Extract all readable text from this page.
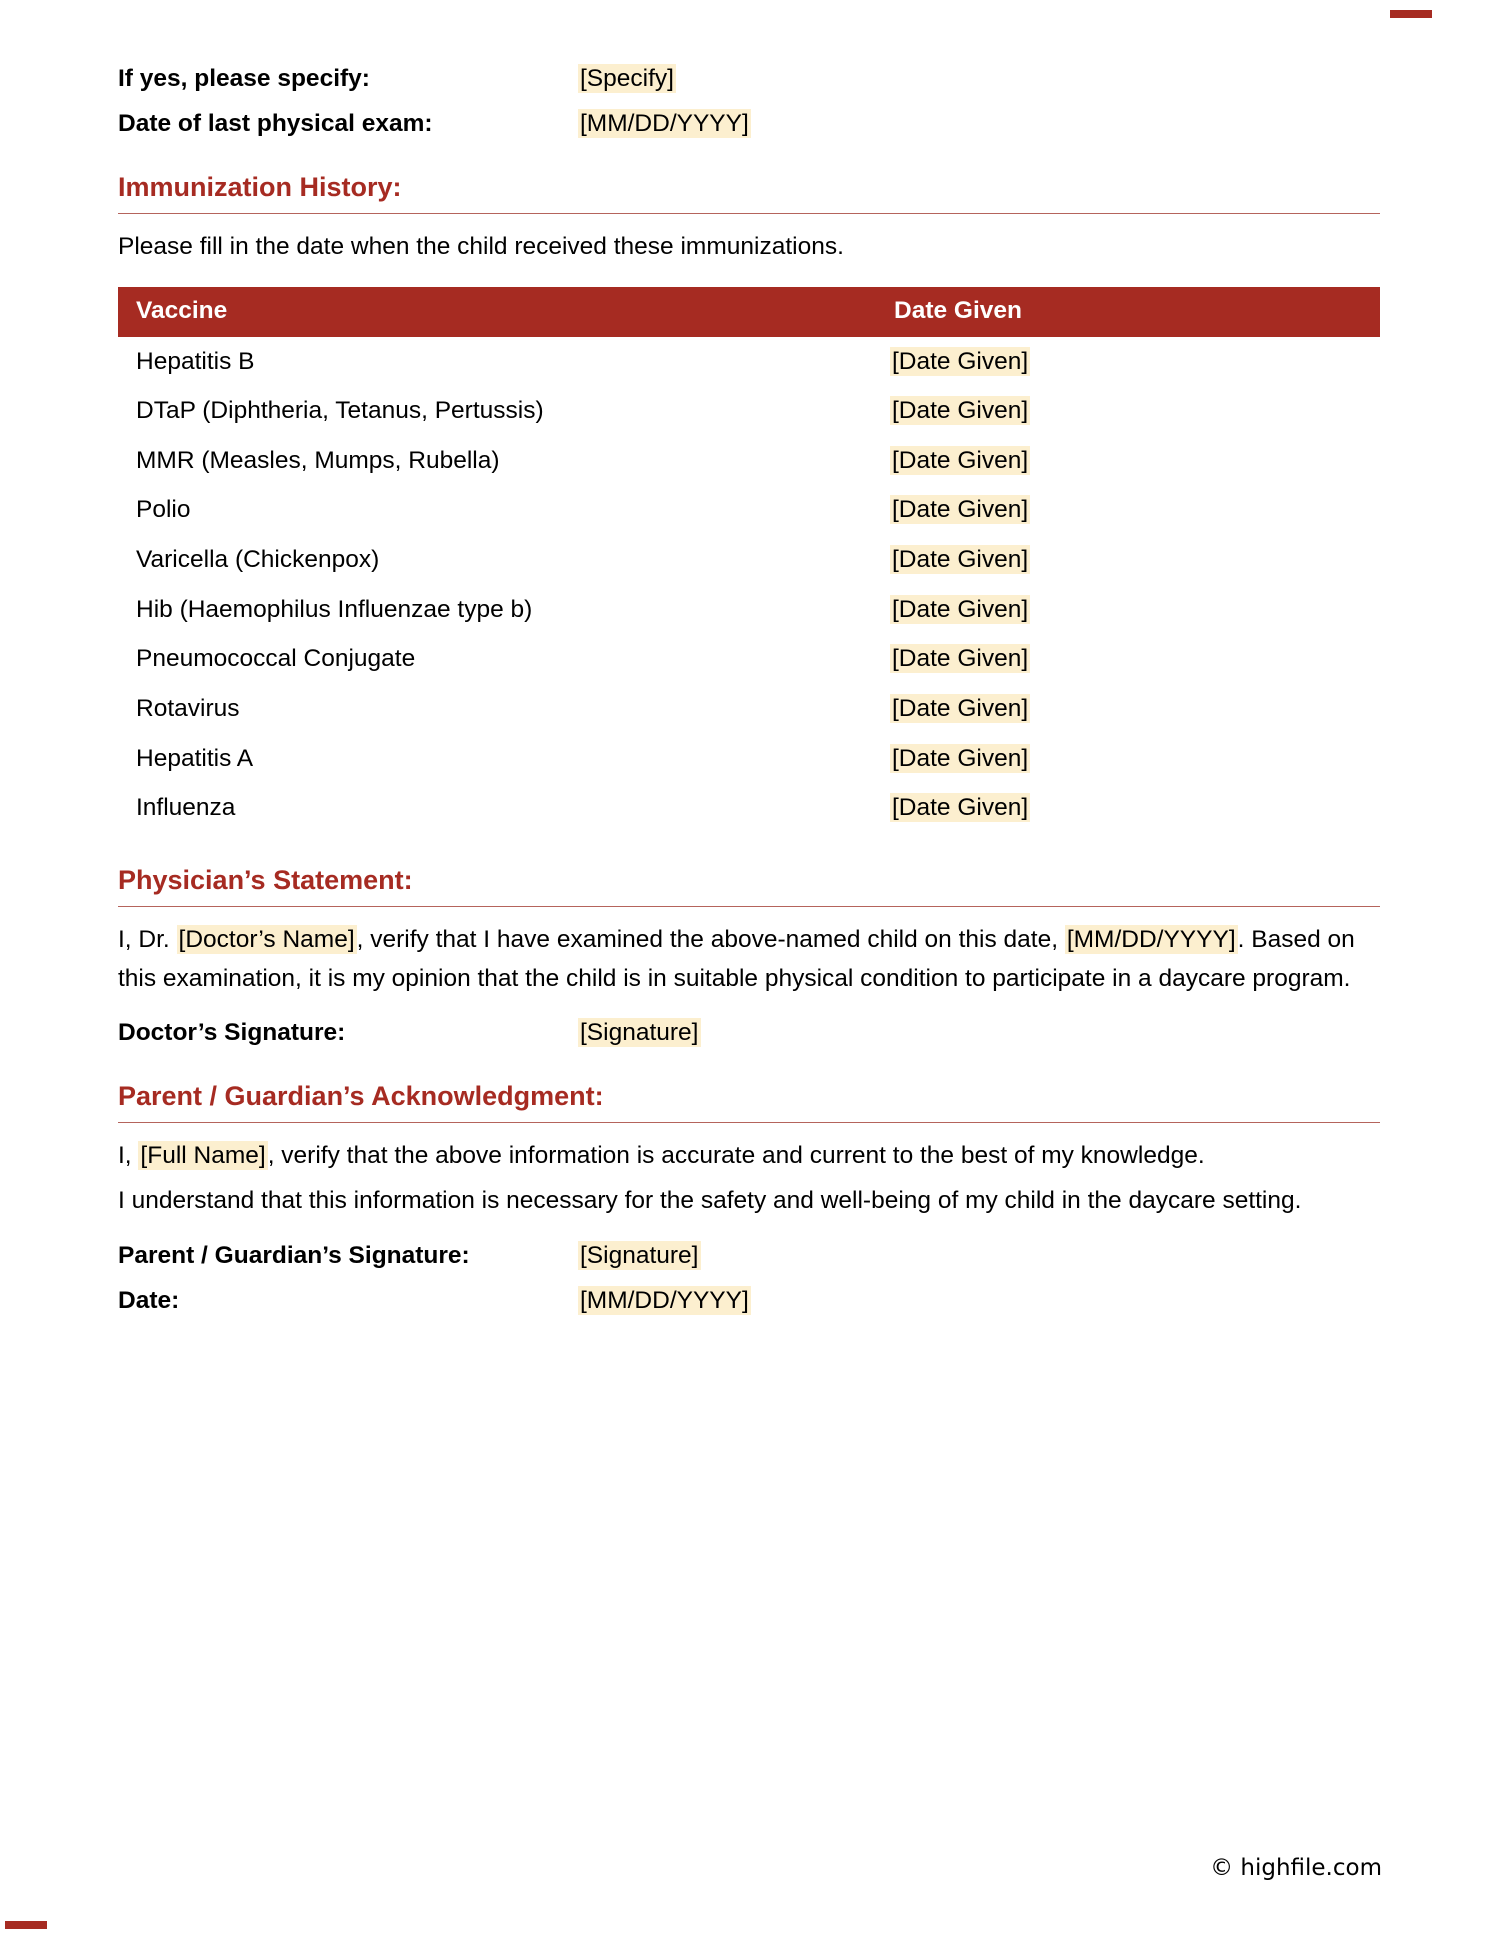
If yes, please specify:	[Specify]
Date of last physical exam:	[MM/DD/YYYY]
Immunization History:

Please fill in the date when the child received these immunizations.

Vaccine	Date Given
Hepatitis B	[Date Given]
DTaP (Diphtheria, Tetanus, Pertussis)	[Date Given]
MMR (Measles, Mumps, Rubella)	[Date Given]
Polio	[Date Given]
Varicella (Chickenpox)	[Date Given]
Hib (Haemophilus Influenzae type b)	[Date Given]
Pneumococcal Conjugate	[Date Given]
Rotavirus	[Date Given]
Hepatitis A	[Date Given]
Influenza	[Date Given]
Physician’s Statement:

I, Dr. [Doctor’s Name], verify that I have examined the above-named child on this date, [MM/DD/YYYY]. Based on this examination, it is my opinion that the child is in suitable physical condition to participate in a daycare program.

Doctor’s Signature:	[Signature]
Parent / Guardian’s Acknowledgment:

I, [Full Name], verify that the above information is accurate and current to the best of my knowledge.

I understand that this information is necessary for the safety and well-being of my child in the daycare setting.

Parent / Guardian’s Signature:	[Signature]
Date:	[MM/DD/YYYY]
© highfile.com
